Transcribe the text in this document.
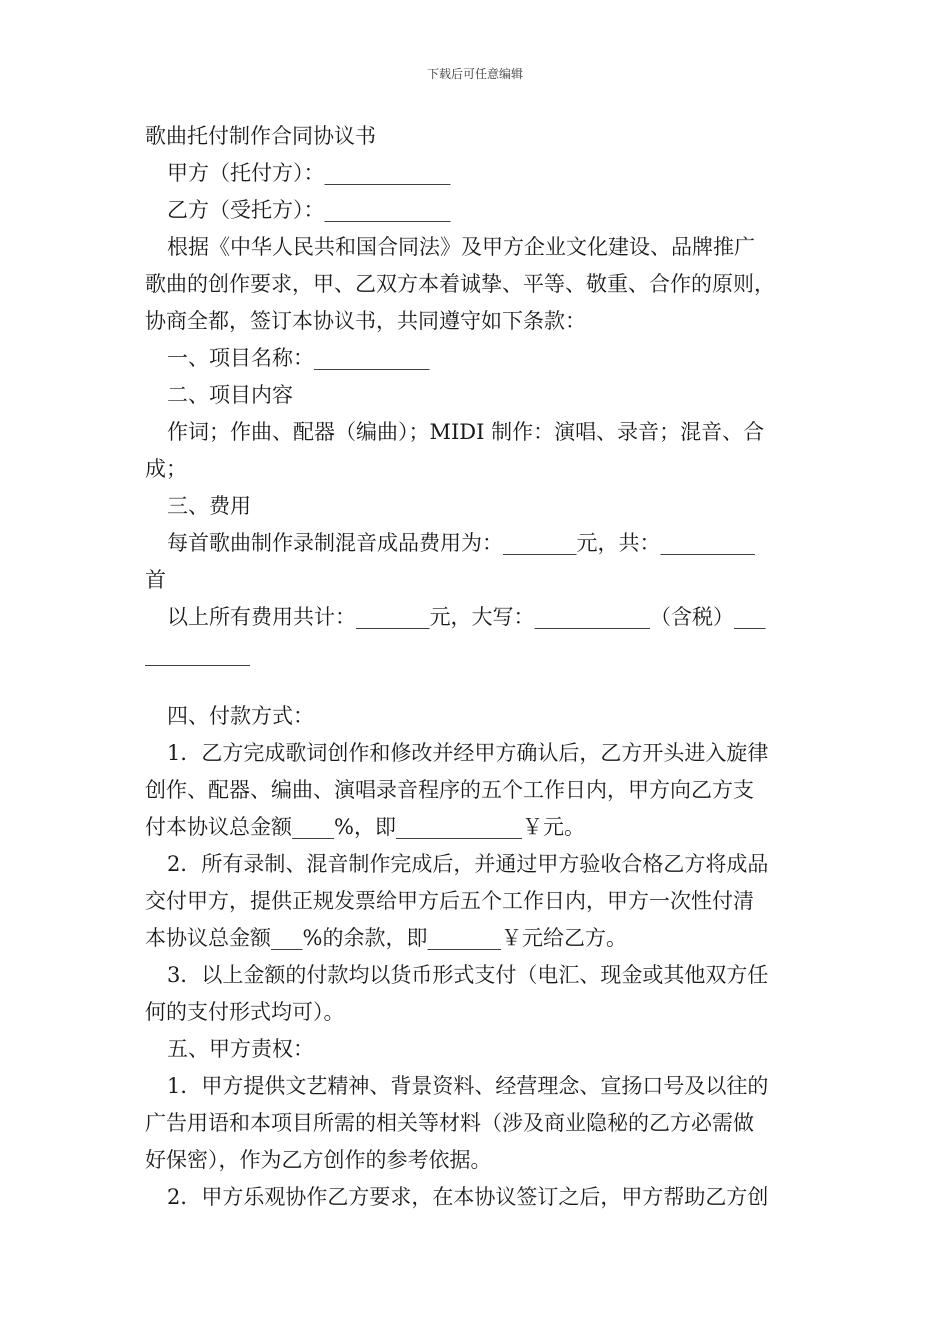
下载后可任意编辑

歌曲托付制作合同协议书

甲方（托付方）：____________

乙方（受托方）：____________

根据《中华人民共和国合同法》及甲方企业文化建设、品牌推广

歌曲的创作要求，甲、乙双方本着诚挚、平等、敬重、合作的原则，

协商全都，签订本协议书，共同遵守如下条款：

一、项目名称：___________

二、项目内容

作词；作曲、配器（编曲）；MIDI 制作：演唱、录音；混音、合

成；

三、费用

每首歌曲制作录制混音成品费用为：_______元，共：_________

首

以上所有费用共计：_______元，大写：___________（含税）___

__________

四、付款方式：

1．乙方完成歌词创作和修改并经甲方确认后，乙方开头进入旋律

创作、配器、编曲、演唱录音程序的五个工作日内，甲方向乙方支

付本协议总金额____%，即____________￥元。

2．所有录制、混音制作完成后，并通过甲方验收合格乙方将成品

交付甲方，提供正规发票给甲方后五个工作日内，甲方一次性付清

本协议总金额___%的余款，即_______￥元给乙方。

3．以上金额的付款均以货币形式支付（电汇、现金或其他双方任

何的支付形式均可）。

五、甲方责权：

1．甲方提供文艺精神、背景资料、经营理念、宣扬口号及以往的

广告用语和本项目所需的相关等材料（涉及商业隐秘的乙方必需做

好保密），作为乙方创作的参考依据。

2．甲方乐观协作乙方要求，在本协议签订之后，甲方帮助乙方创
